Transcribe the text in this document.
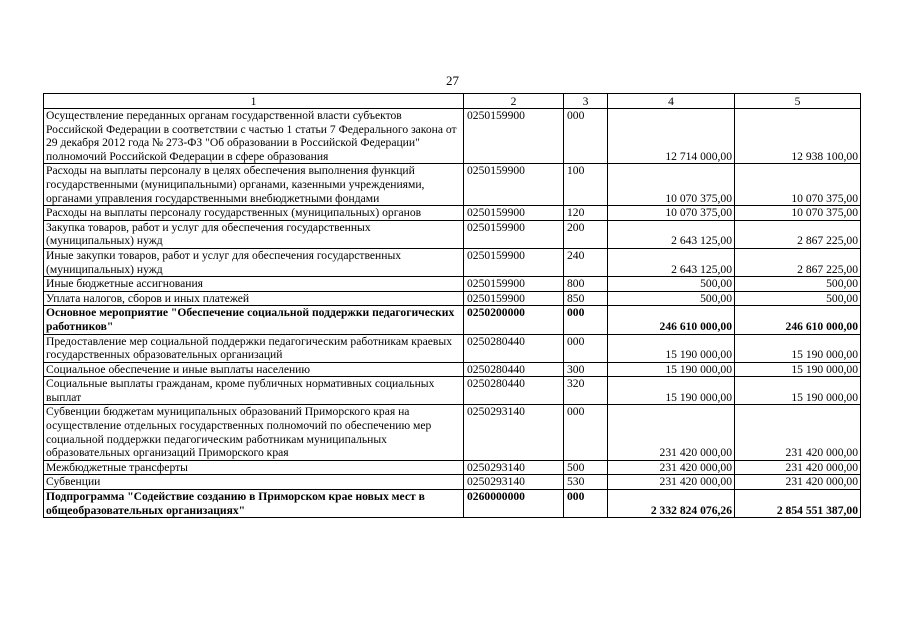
27
1	2	3	4	5
Осуществление переданных органам государственной власти субъектов Российской Федерации в соответствии с частью 1 статьи 7 Федерального закона от 29 декабря 2012 года № 273-ФЗ "Об образовании в Российской Федерации" полномочий Российской Федерации в сфере образования	0250159900	000	12 714 000,00	12 938 100,00
Расходы на выплаты персоналу в целях обеспечения выполнения функций государственными (муниципальными) органами, казенными учреждениями, органами управления государственными внебюджетными фондами	0250159900	100	10 070 375,00	10 070 375,00
Расходы на выплаты персоналу государственных (муниципальных) органов	0250159900	120	10 070 375,00	10 070 375,00
Закупка товаров, работ и услуг для обеспечения государственных (муниципальных) нужд	0250159900	200	2 643 125,00	2 867 225,00
Иные закупки товаров, работ и услуг для обеспечения государственных (муниципальных) нужд	0250159900	240	2 643 125,00	2 867 225,00
Иные бюджетные ассигнования	0250159900	800	500,00	500,00
Уплата налогов, сборов и иных платежей	0250159900	850	500,00	500,00
Основное мероприятие "Обеспечение социальной поддержки педагогических работников"	0250200000	000	246 610 000,00	246 610 000,00
Предоставление мер социальной поддержки педагогическим работникам краевых государственных образовательных организаций	0250280440	000	15 190 000,00	15 190 000,00
Социальное обеспечение и иные выплаты населению	0250280440	300	15 190 000,00	15 190 000,00
Социальные выплаты гражданам, кроме публичных нормативных социальных выплат	0250280440	320	15 190 000,00	15 190 000,00
Субвенции бюджетам муниципальных образований Приморского края на осуществление отдельных государственных полномочий по обеспечению мер социальной поддержки педагогическим работникам муниципальных образовательных организаций Приморского края	0250293140	000	231 420 000,00	231 420 000,00
Межбюджетные трансферты	0250293140	500	231 420 000,00	231 420 000,00
Субвенции	0250293140	530	231 420 000,00	231 420 000,00
Подпрограмма "Содействие созданию в Приморском крае новых мест в общеобразовательных организациях"	0260000000	000	2 332 824 076,26	2 854 551 387,00
